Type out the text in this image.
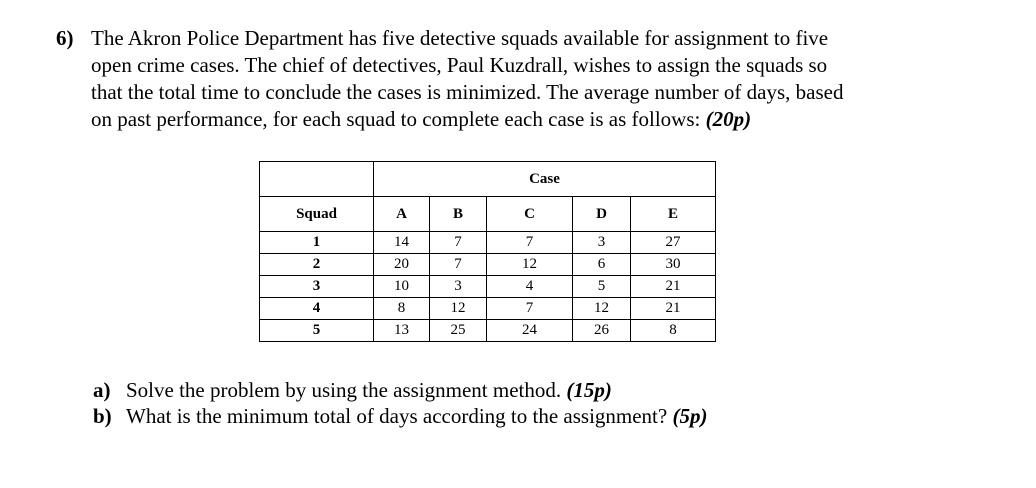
6) The Akron Police Department has five detective squads available for assignment to five
open crime cases. The chief of detectives, Paul Kuzdrall, wishes to assign the squads so
that the total time to conclude the cases is minimized. The average number of days, based
on past performance, for each squad to complete each case is as follows: (20p)
	Case				
Squad	A	B	C	D	E
1	14	7	7	3	27
2	20	7	12	6	30
3	10	3	4	5	21
4	8	12	7	12	21
5	13	25	24	26	8
a) Solve the problem by using the assignment method. (15p)
b) What is the minimum total of days according to the assignment? (5p)
